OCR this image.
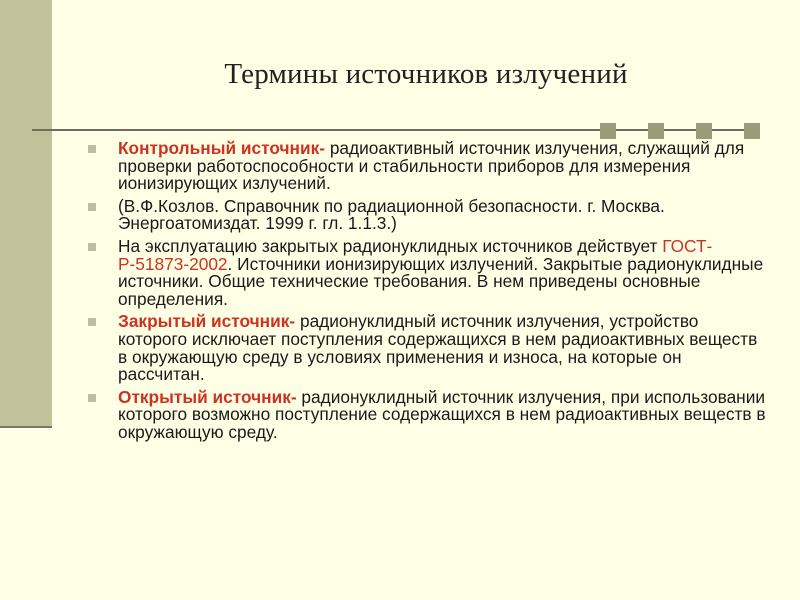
Термины источников излучений
Контрольный источник- радиоактивный источник излучения, служащий для проверки работоспособности и стабильности приборов для измерения ионизирующих излучений.
(В.Ф.Козлов. Справочник по радиационной безопасности. г. Москва. Энергоатомиздат. 1999 г. гл. 1.1.3.)
На эксплуатацию закрытых радионуклидных источников действует ГОСТ-Р-51873-2002. Источники ионизирующих излучений. Закрытые радионуклидные источники. Общие технические требования. В нем приведены основные определения.
Закрытый источник- радионуклидный источник излучения, устройство которого исключает поступления содержащихся в нем радиоактивных веществ в окружающую среду в условиях применения и износа, на которые он рассчитан.
Открытый источник- радионуклидный источник излучения, при использовании которого возможно поступление содержащихся в нем радиоактивных веществ в окружающую среду.
